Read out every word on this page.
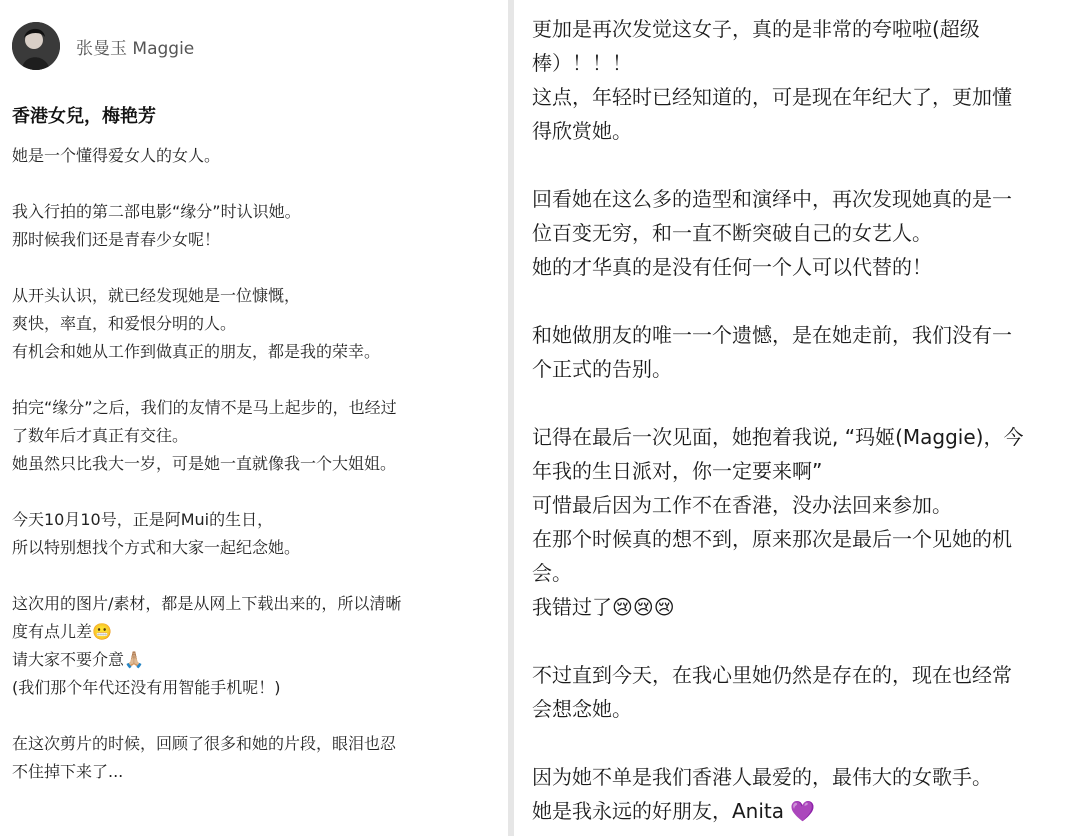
张曼玉 Maggie
香港女兒，梅艳芳
她是一个懂得爱女人的女人。
我入行拍的第二部电影“缘分”时认识她。
那时候我们还是青春少女呢！
从开头认识，就已经发现她是一位慷慨，
爽快，率直，和爱恨分明的人。
有机会和她从工作到做真正的朋友，都是我的荣幸。
拍完“缘分”之后，我们的友情不是马上起步的，也经过
了数年后才真正有交往。
她虽然只比我大一岁，可是她一直就像我一个大姐姐。
今天10月10号，正是阿Mui的生日，
所以特别想找个方式和大家一起纪念她。
这次用的图片/素材，都是从网上下载出来的，所以清晰
度有点儿差😬
请大家不要介意🙏🏼
(我们那个年代还没有用智能手机呢！)
在这次剪片的时候，回顾了很多和她的片段，眼泪也忍
不住掉下来了...
更加是再次发觉这女子，真的是非常的夸啦啦(超级
棒）！！！
这点，年轻时已经知道的，可是现在年纪大了，更加懂
得欣赏她。
回看她在这么多的造型和演绎中，再次发现她真的是一
位百变无穷，和一直不断突破自己的女艺人。
她的才华真的是没有任何一个人可以代替的！
和她做朋友的唯一一个遗憾，是在她走前，我们没有一
个正式的告别。
记得在最后一次见面，她抱着我说, “玛姬(Maggie)，今
年我的生日派对，你一定要来啊”
可惜最后因为工作不在香港，没办法回来参加。
在那个时候真的想不到，原来那次是最后一个见她的机
会。
我错过了😢😢😢
不过直到今天，在我心里她仍然是存在的，现在也经常
会想念她。
因为她不单是我们香港人最爱的，最伟大的女歌手。
她是我永远的好朋友，Anita 💜
